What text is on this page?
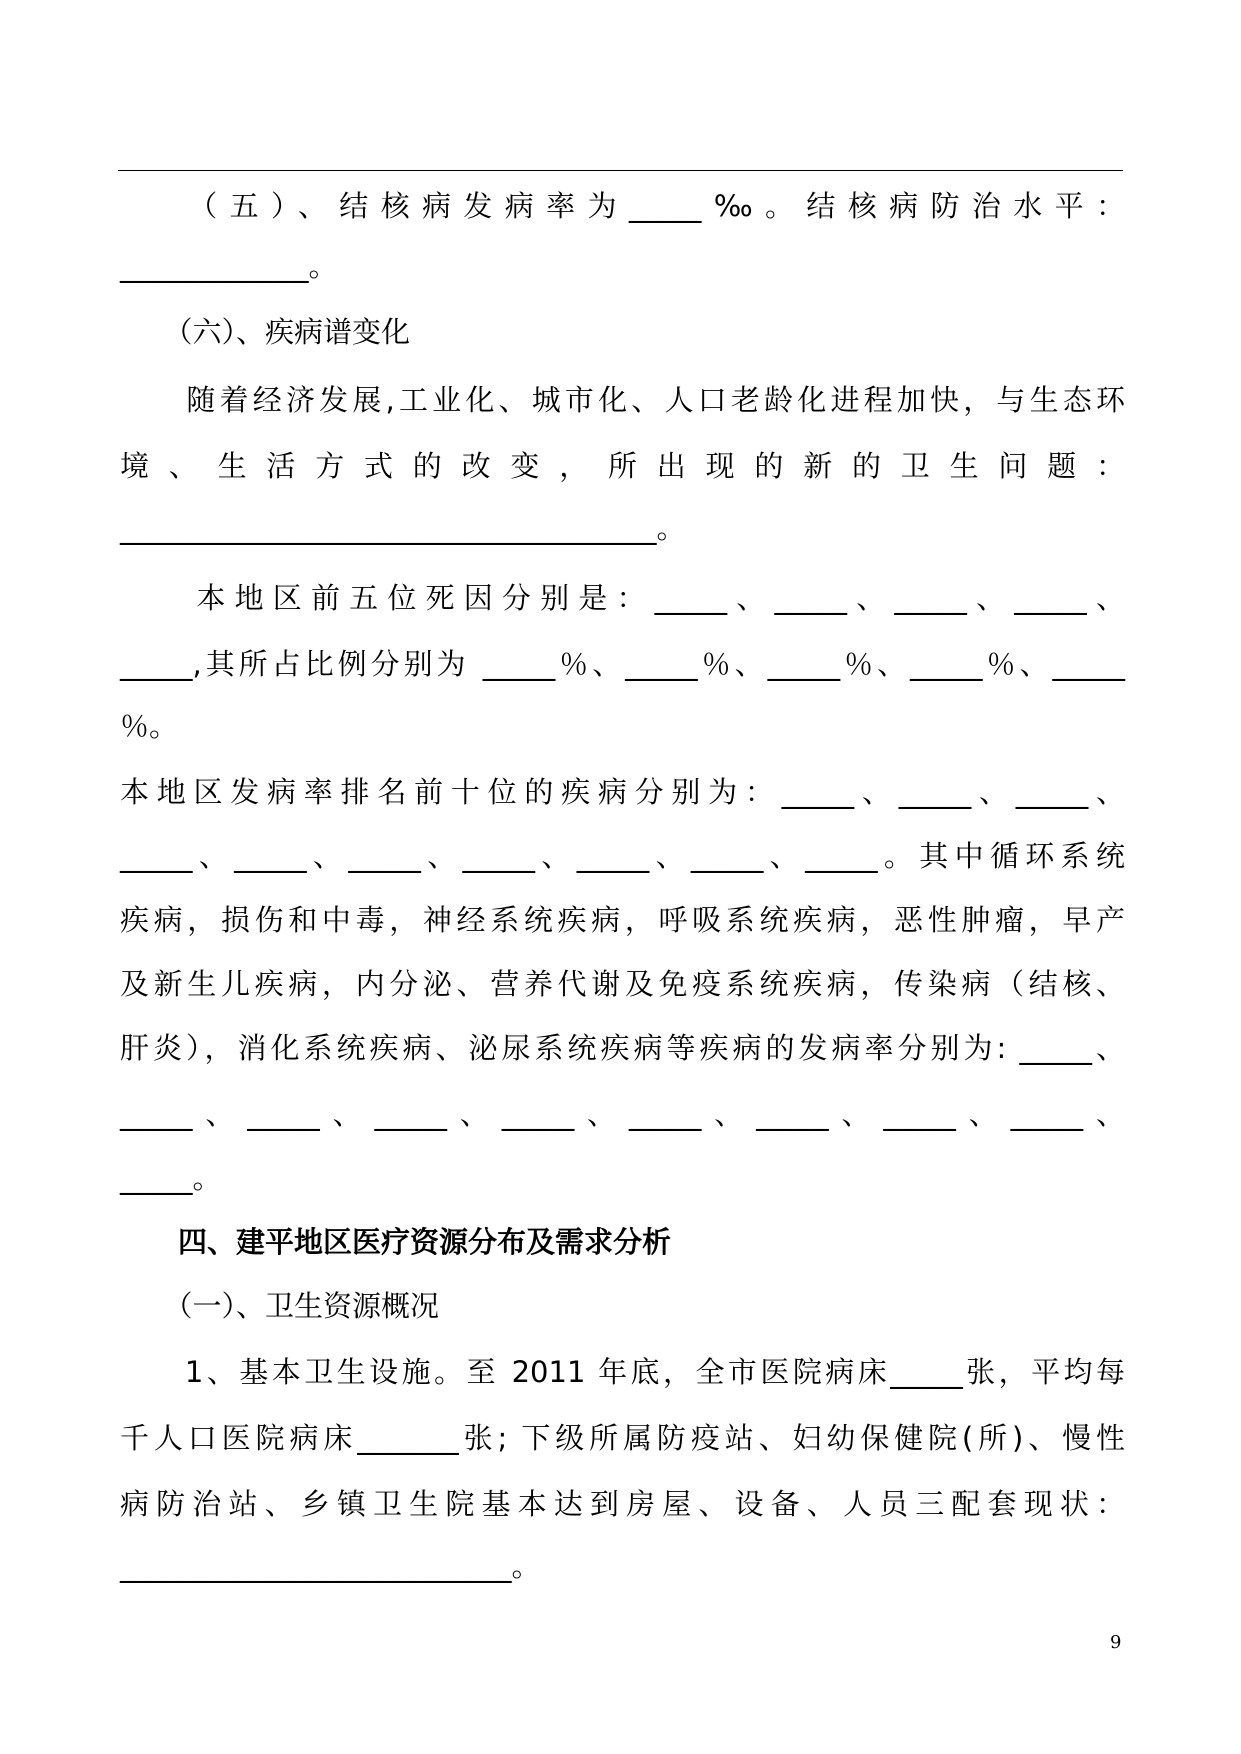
　　（五）、结核病发病率为_____‰。结核病防治水平：
_____________。
　　（六）、疾病谱变化
　　随着经济发展,工业化、城市化、人口老龄化进程加快，与生态环
境、生活方式的改变，所出现的新的卫生问题：
_____________________________________。
　　本地区前五位死因分别是：_____、_____、_____、_____、
_____,其所占比例分别为 _____％、_____％、_____％、_____％、_____
％。
本地区发病率排名前十位的疾病分别为：_____、_____、_____、
_____、_____、_____、_____、_____、_____、_____。其中循环系统
疾病，损伤和中毒，神经系统疾病，呼吸系统疾病，恶性肿瘤，早产
及新生儿疾病，内分泌、营养代谢及免疫系统疾病，传染病（结核、
肝炎），消化系统疾病、泌尿系统疾病等疾病的发病率分别为: _____、
_____、_____、_____、_____、_____、_____、_____、_____、
_____。
　　四、建平地区医疗资源分布及需求分析
　　（一）、卫生资源概况
　　1、基本卫生设施。至 2011 年底，全市医院病床_____张，平均每
千人口医院病床_______张; 下级所属防疫站、妇幼保健院(所)、慢性
病防治站、乡镇卫生院基本达到房屋、设备、人员三配套现状：
___________________________。
9
